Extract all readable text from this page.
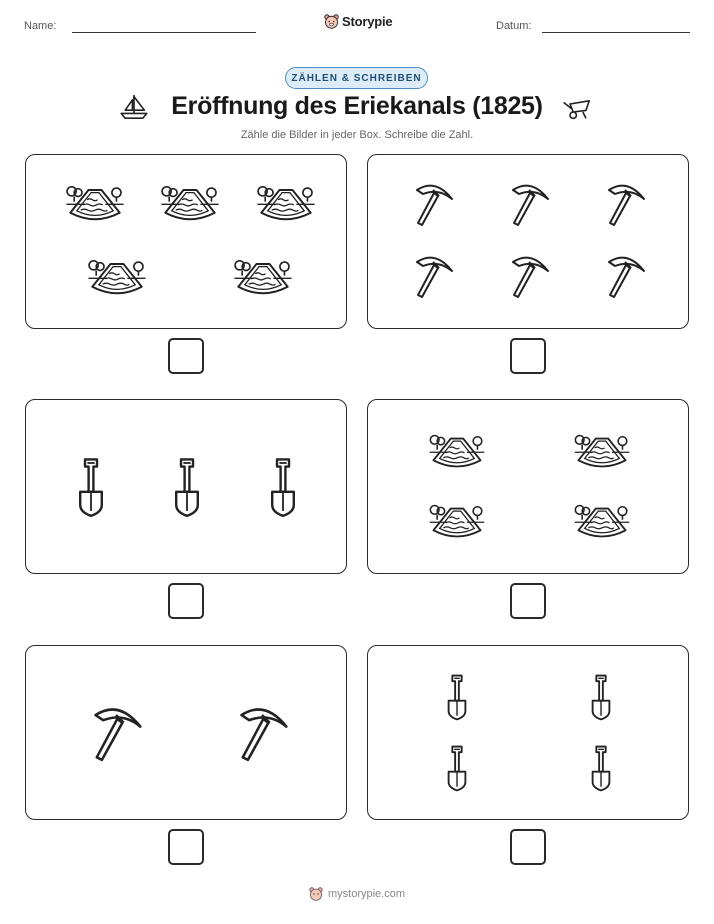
Name:	Storypie	Datum:
ZÄHLEN & SCHREIBEN
Eröffnung des Eriekanals (1825)
Zähle die Bilder in jeder Box. Schreibe die Zahl.
mystorypie.com
